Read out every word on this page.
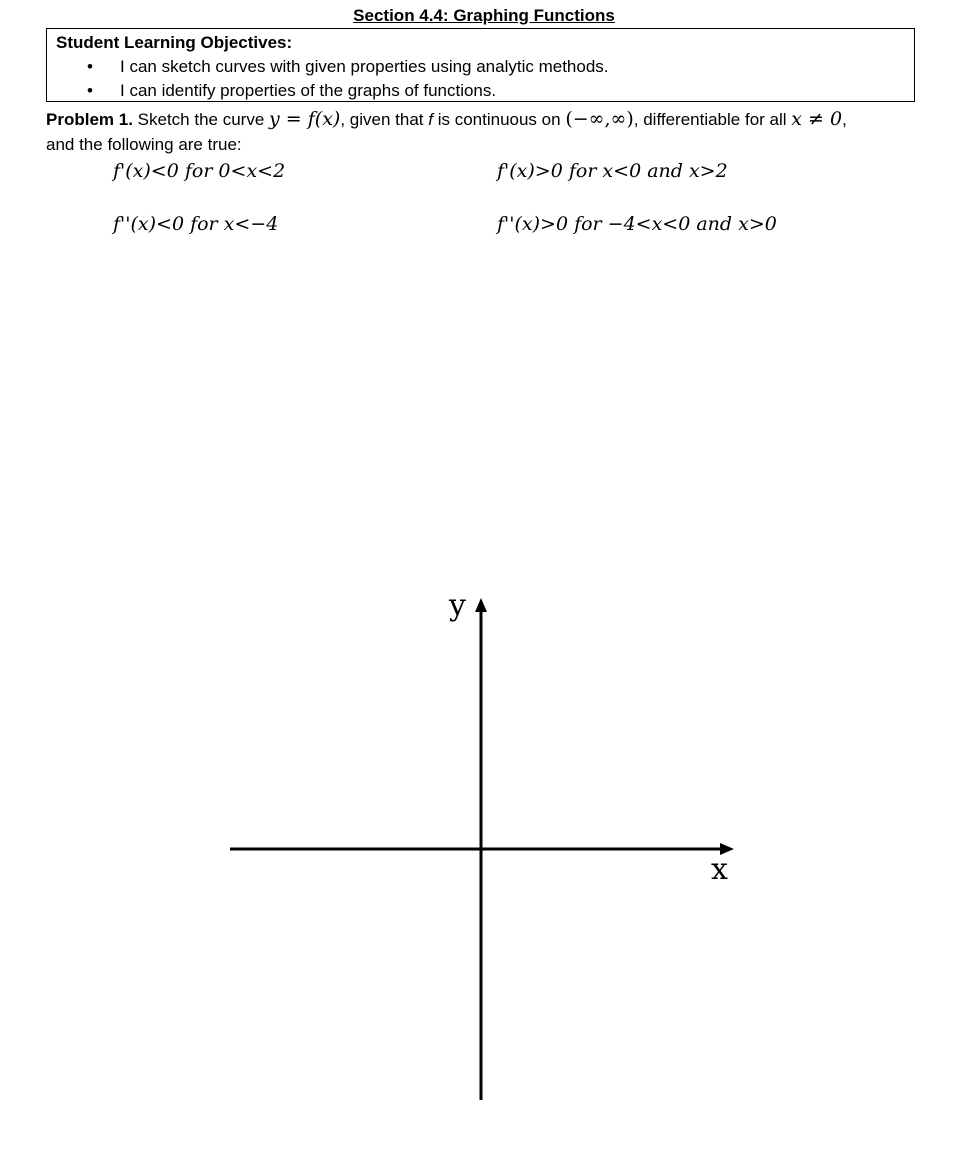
Section 4.4: Graphing Functions
Student Learning Objectives:
• I can sketch curves with given properties using analytic methods.
• I can identify properties of the graphs of functions.
Problem 1. Sketch the curve y = f(x), given that f is continuous on (−∞,∞), differentiable for all x ≠ 0,
and the following are true:
f'(x)<0 for 0<x<2	f'(x)>0 for x<0 and x>2
f''(x)<0 for x<−4	f''(x)>0 for −4<x<0 and x>0
y
x
